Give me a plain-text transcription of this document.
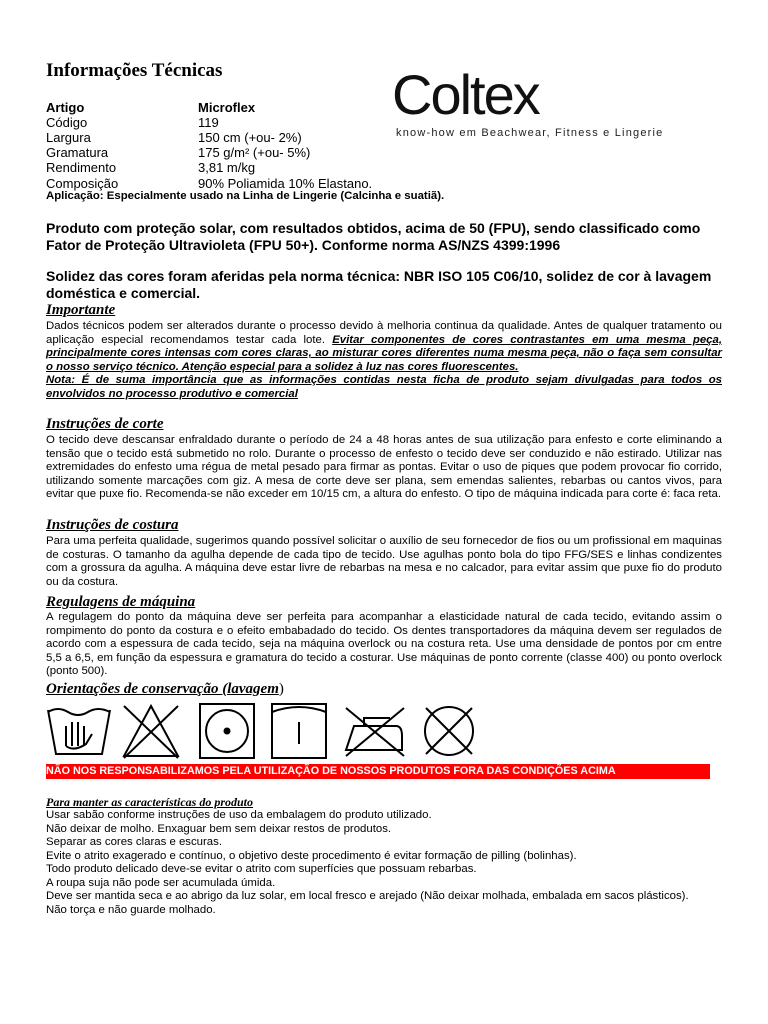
Informações Técnicas	Coltex
know-how em Beachwear, Fitness e Lingerie
Artigo	Microflex
Código	119
Largura	150 cm (+ou- 2%)
Gramatura	175 g/m² (+ou- 5%)
Rendimento	3,81 m/kg
Composição	90% Poliamida 10% Elastano.
Aplicação: Especialmente usado na Linha de Lingerie (Calcinha e suatiã).
Produto com proteção solar, com resultados obtidos, acima de 50 (FPU), sendo classificado como Fator de Proteção Ultravioleta (FPU 50+). Conforme norma AS/NZS 4399:1996
Solidez das cores foram aferidas pela norma técnica: NBR ISO 105 C06/10, solidez de cor à lavagem doméstica e comercial.
Importante
Dados técnicos podem ser alterados durante o processo devido à melhoria continua da qualidade. Antes de qualquer tratamento ou aplicação especial recomendamos testar cada lote. Evitar componentes de cores contrastantes em uma mesma peça, principalmente cores intensas com cores claras, ao misturar cores diferentes numa mesma peça, não o faça sem consultar o nosso serviço técnico. Atenção especial para a solidez à luz nas cores fluorescentes.
Nota: É de suma importância que as informações contidas nesta ficha de produto sejam divulgadas para todos os envolvidos no processo produtivo e comercial
Instruções de corte
O tecido deve descansar enfraldado durante o período de 24 a 48 horas antes de sua utilização para enfesto e corte eliminando a tensão que o tecido está submetido no rolo. Durante o processo de enfesto o tecido deve ser conduzido e não estirado. Utilizar nas extremidades do enfesto uma régua de metal pesado para firmar as pontas. Evitar o uso de piques que podem provocar fio corrido, utilizando somente marcações com giz. A mesa de corte deve ser plana, sem emendas salientes, rebarbas ou cantos vivos, para evitar que puxe fio. Recomenda-se não exceder em 10/15 cm, a altura do enfesto. O tipo de máquina indicada para corte é: faca reta.
Instruções de costura
Para uma perfeita qualidade, sugerimos quando possível solicitar o auxílio de seu fornecedor de fios ou um profissional em maquinas de costuras. O tamanho da agulha depende de cada tipo de tecido. Use agulhas ponto bola do tipo FFG/SES e linhas condizentes com a grossura da agulha. A máquina deve estar livre de rebarbas na mesa e no calcador, para evitar assim que puxe fio do produto ou da costura.
Regulagens de máquina
A regulagem do ponto da máquina deve ser perfeita para acompanhar a elasticidade natural de cada tecido, evitando assim o rompimento do ponto da costura e o efeito embabadado do tecido. Os dentes transportadores da máquina devem ser regulados de acordo com a espessura de cada tecido, seja na máquina overlock ou na costura reta. Use uma densidade de pontos por cm entre 5,5 a 6,5, em função da espessura e gramatura do tecido a costurar. Use máquinas de ponto corrente (classe 400) ou ponto overlock (ponto 500).
Orientações de conservação (lavagem)
NÃO NOS RESPONSABILIZAMOS PELA UTILIZAÇÃO DE NOSSOS PRODUTOS FORA DAS CONDIÇÕES ACIMA
Para manter as características do produto
Usar sabão conforme instruções de uso da embalagem do produto utilizado.
Não deixar de molho. Enxaguar bem sem deixar restos de produtos.
Separar as cores claras e escuras.
Evite o atrito exagerado e contínuo, o objetivo deste procedimento é evitar formação de pilling (bolinhas).
Todo produto delicado deve-se evitar o atrito com superfícies que possuam rebarbas.
A roupa suja não pode ser acumulada úmida.
Deve ser mantida seca e ao abrigo da luz solar, em local fresco e arejado (Não deixar molhada, embalada em sacos plásticos).
Não torça e não guarde molhado.
